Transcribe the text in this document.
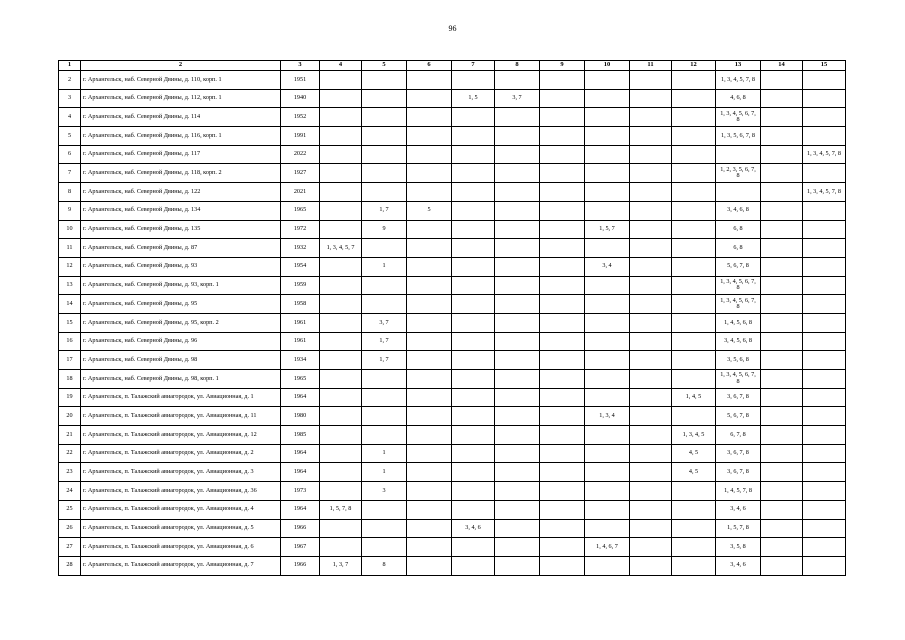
96
1	2	3	4	5	6	7	8	9	10	11	12	13	14	15
2	г. Архангельск, наб. Северной Двины, д. 110, корп. 1	1951										1, 3, 4, 5, 7, 8		
3	г. Архангельск, наб. Северной Двины, д. 112, корп. 1	1940				1, 5	3, 7					4, 6, 8		
4	г. Архангельск, наб. Северной Двины, д. 114	1952										1, 3, 4, 5, 6, 7, 8		
5	г. Архангельск, наб. Северной Двины, д. 116, корп. 1	1991										1, 3, 5, 6, 7, 8		
6	г. Архангельск, наб. Северной Двины, д. 117	2022												1, 3, 4, 5, 7, 8
7	г. Архангельск, наб. Северной Двины, д. 118, корп. 2	1927										1, 2, 3, 5, 6, 7, 8		
8	г. Архангельск, наб. Северной Двины, д. 122	2021												1, 3, 4, 5, 7, 8
9	г. Архангельск, наб. Северной Двины, д. 134	1965		1, 7	5							3, 4, 6, 8		
10	г. Архангельск, наб. Северной Двины, д. 135	1972		9					1, 5, 7			6, 8		
11	г. Архангельск, наб. Северной Двины, д. 87	1932	1, 3, 4, 5, 7									6, 8		
12	г. Архангельск, наб. Северной Двины, д. 93	1954		1					3, 4			5, 6, 7, 8		
13	г. Архангельск, наб. Северной Двины, д. 93, корп. 1	1959										1, 3, 4, 5, 6, 7, 8		
14	г. Архангельск, наб. Северной Двины, д. 95	1958										1, 3, 4, 5, 6, 7, 8		
15	г. Архангельск, наб. Северной Двины, д. 95, корп. 2	1961		3, 7								1, 4, 5, 6, 8		
16	г. Архангельск, наб. Северной Двины, д. 96	1961		1, 7								3, 4, 5, 6, 8		
17	г. Архангельск, наб. Северной Двины, д. 98	1934		1, 7								3, 5, 6, 8		
18	г. Архангельск, наб. Северной Двины, д. 98, корп. 1	1965										1, 3, 4, 5, 6, 7, 8		
19	г. Архангельск, п. Талажский авиагородок, ул. Авиационная, д. 1	1964									1, 4, 5	3, 6, 7, 8		
20	г. Архангельск, п. Талажский авиагородок, ул. Авиационная, д. 11	1980							1, 3, 4			5, 6, 7, 8		
21	г. Архангельск, п. Талажский авиагородок, ул. Авиационная, д. 12	1985									1, 3, 4, 5	6, 7, 8		
22	г. Архангельск, п. Талажский авиагородок, ул. Авиационная, д. 2	1964		1							4, 5	3, 6, 7, 8		
23	г. Архангельск, п. Талажский авиагородок, ул. Авиационная, д. 3	1964		1							4, 5	3, 6, 7, 8		
24	г. Архангельск, п. Талажский авиагородок, ул. Авиационная, д. 36	1973		3								1, 4, 5, 7, 8		
25	г. Архангельск, п. Талажский авиагородок, ул. Авиационная, д. 4	1964	1, 5, 7, 8									3, 4, 6		
26	г. Архангельск, п. Талажский авиагородок, ул. Авиационная, д. 5	1966				3, 4, 6						1, 5, 7, 8		
27	г. Архангельск, п. Талажский авиагородок, ул. Авиационная, д. 6	1967							1, 4, 6, 7			3, 5, 8		
28	г. Архангельск, п. Талажский авиагородок, ул. Авиационная, д. 7	1966	1, 3, 7	8								3, 4, 6		
